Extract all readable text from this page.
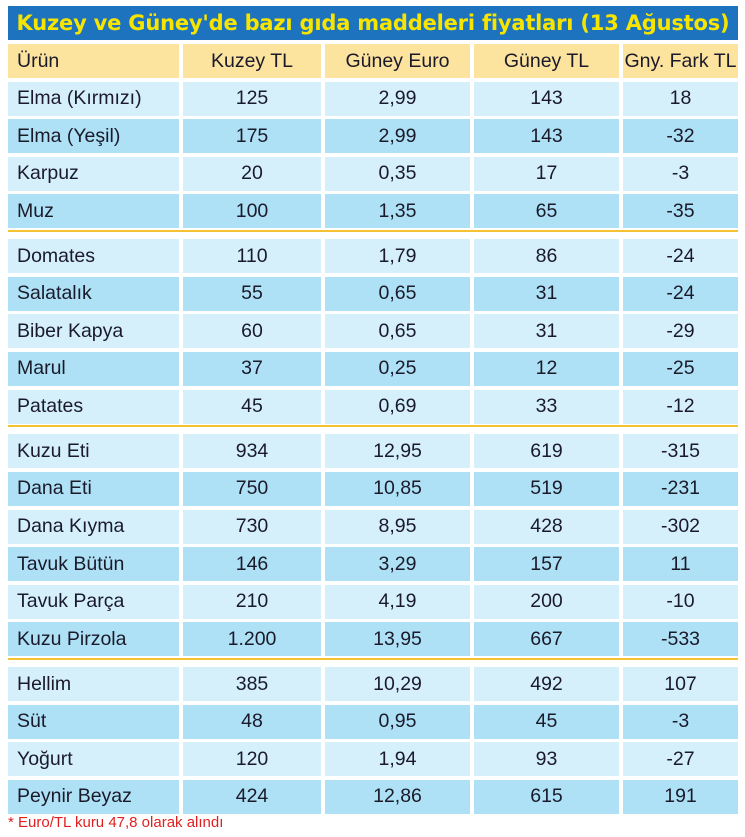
Kuzey ve Güney'de bazı gıda maddeleri fiyatları (13 Ağustos)
Ürün	Kuzey TL	Güney Euro	Güney TL	Gny. Fark TL
Elma (Kırmızı)	125	2,99	143	18
Elma (Yeşil)	175	2,99	143	-32
Karpuz	20	0,35	17	-3
Muz	100	1,35	65	-35
Domates	110	1,79	86	-24
Salatalık	55	0,65	31	-24
Biber Kapya	60	0,65	31	-29
Marul	37	0,25	12	-25
Patates	45	0,69	33	-12
Kuzu Eti	934	12,95	619	-315
Dana Eti	750	10,85	519	-231
Dana Kıyma	730	8,95	428	-302
Tavuk Bütün	146	3,29	157	11
Tavuk Parça	210	4,19	200	-10
Kuzu Pirzola	1.200	13,95	667	-533
Hellim	385	10,29	492	107
Süt	48	0,95	45	-3
Yoğurt	120	1,94	93	-27
Peynir Beyaz	424	12,86	615	191
* Euro/TL kuru 47,8 olarak alındı
